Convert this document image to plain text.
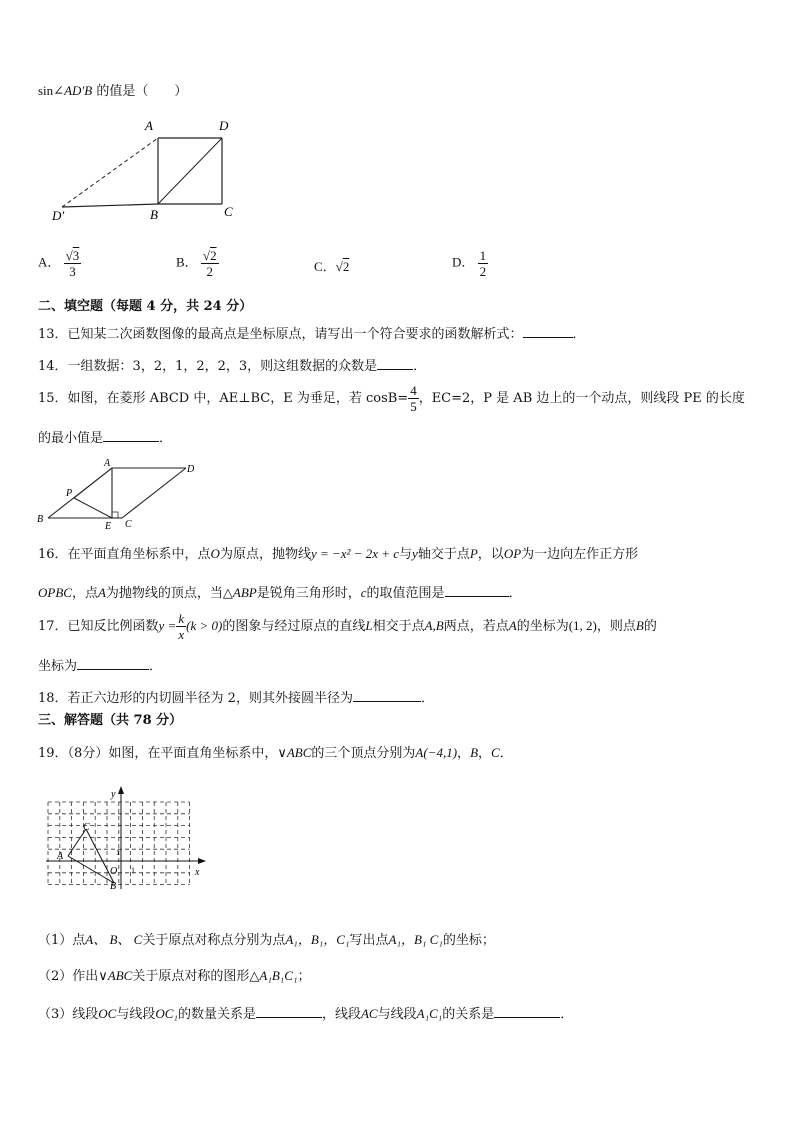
sin∠AD′B 的值是（　　）
A	D
D′	B	C
A． $\frac{√3}{3}$	B． $\frac{√2}{2}$	C．√2	D． $\frac{1}{2}$
二、填空题（每题 4 分，共 24 分）
13．已知某二次函数图像的最高点是坐标原点，请写出一个符合要求的函数解析式：	．
14．一组数据：3，2，1，2，2，3，则这组数据的众数是	．
15．如图，在菱形 ABCD 中，AE⊥BC，E 为垂足，若 $\cos B= \frac{4}{5}$ ，EC=2，P 是 AB 边上的一个动点，则线段 PE 的长度
的最小值是	．
A
D
P
B
E C
16．在平面直角坐标系中，点O为原点，抛物线y = −x² − 2x + c与y轴交于点P，以OP为一边向左作正方形
OPBC，点A为抛物线的顶点，当△ABP是锐角三角形时，c的取值范围是	．
17．已知反比例函数$y = \frac{k}{x} (k > 0)$的图象与经过原点的直线L相交于点A,B两点，若点A的坐标为(1, 2)，则点B的
坐标为	．
18．若正六边形的内切圆半径为 2，则其外接圆半径为	．
三、解答题（共 78 分）
19．（8分）如图，在平面直角坐标系中，∨ABC的三个顶点分别为A(−4,1)，B，C．
y
x
C
A
O
B
1
1
（1）点A、 B、 C关于原点对称点分别为点A₁，B₁，C₁写出点A₁，B₁ C₁的坐标；
（2）作出∨ABC关于原点对称的图形△A₁B₁C₁；
（3）线段OC与线段OC₁的数量关系是	，线段AC与线段A₁C₁的关系是	．
